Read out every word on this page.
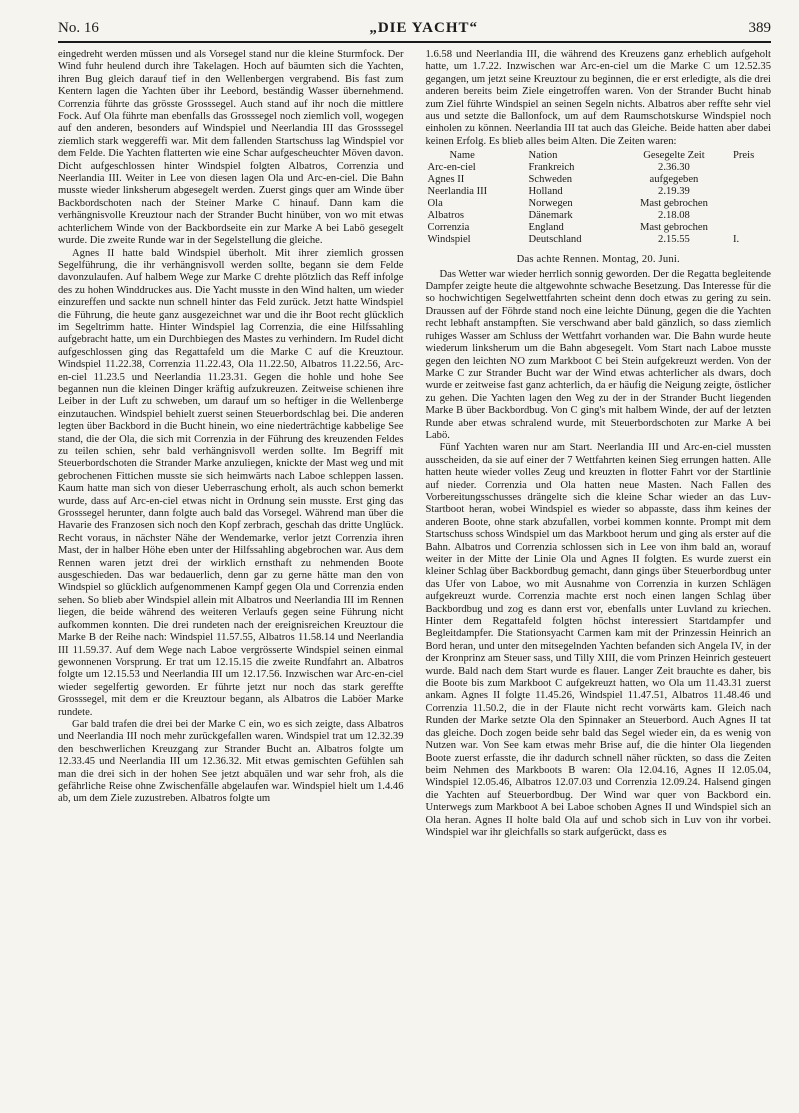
No. 16	„DIE YACHT“	389

eingedreht werden müssen und als Vorsegel stand nur die kleine Sturmfock. Der Wind fuhr heulend durch ihre Takelagen. Hoch auf bäumten sich die Yachten, ihren Bug gleich darauf tief in den Wellenbergen vergrabend. Bis fast zum Kentern lagen die Yachten über ihr Leebord, beständig Wasser übernehmend. Correnzia führte das grösste Grosssegel. Auch stand auf ihr noch die mittlere Fock. Auf Ola führte man ebenfalls das Grosssegel noch ziemlich voll, wogegen auf den anderen, besonders auf Windspiel und Neerlandia III das Grosssegel ziemlich stark weggereffi war. Mit dem fallenden Startschuss lag Windspiel vor dem Felde. Die Yachten flatterten wie eine Schar aufgescheuchter Möven davon. Dicht aufgeschlossen hinter Windspiel folgten Albatros, Correnzia und Neerlandia III. Weiter in Lee von diesen lagen Ola und Arc-en-ciel. Die Bahn musste wieder linksherum abgesegelt werden. Zuerst gings quer am Winde über Backbordschoten nach der Steiner Marke C hinauf. Dann kam die verhängnisvolle Kreuztour nach der Strander Bucht hinüber, von wo mit etwas achterlichem Winde von der Backbordseite ein zur Marke A bei Labö gesegelt wurde. Die zweite Runde war in der Segelstellung die gleiche.

Agnes II hatte bald Windspiel überholt. Mit ihrer ziemlich grossen Segelführung, die ihr verhängnisvoll werden sollte, begann sie dem Felde davonzulaufen. Auf halbem Wege zur Marke C drehte plötzlich das Reff infolge des zu hohen Winddruckes aus. Die Yacht musste in den Wind halten, um wieder einzureffen und sackte nun schnell hinter das Feld zurück. Jetzt hatte Windspiel die Führung, die heute ganz ausgezeichnet war und die ihr Boot recht glücklich im Segeltrimm hatte. Hinter Windspiel lag Correnzia, die eine Hilfssahling aufgebracht hatte, um ein Durchbiegen des Mastes zu verhindern. Im Rudel dicht aufgeschlossen ging das Regattafeld um die Marke C auf die Kreuztour. Windspiel 11.22.38, Correnzia 11.22.43, Ola 11.22.50, Albatros 11.22.56, Arc-en-ciel 11.23.5 und Neerlandia 11.23.31. Gegen die hohle und hohe See begannen nun die kleinen Dinger kräftig aufzukreuzen. Zeitweise schienen ihre Leiber in der Luft zu schweben, um darauf um so heftiger in die Wellenberge einzutauchen. Windspiel behielt zuerst seinen Steuerbordschlag bei. Die anderen legten über Backbord in die Bucht hinein, wo eine niederträchtige kabbelige See stand, die der Ola, die sich mit Correnzia in der Führung des kreuzenden Feldes zu teilen schien, sehr bald verhängnisvoll werden sollte. Im Begriff mit Steuerbordschoten die Strander Marke anzuliegen, knickte der Mast weg und mit gebrochenen Fittichen musste sie sich heimwärts nach Laboe schleppen lassen. Kaum hatte man sich von dieser Ueberraschung erholt, als auch schon bemerkt wurde, dass auf Arc-en-ciel etwas nicht in Ordnung sein musste. Erst ging das Grosssegel herunter, dann folgte auch bald das Vorsegel. Während man über die Havarie des Franzosen sich noch den Kopf zerbrach, geschah das dritte Unglück. Recht voraus, in nächster Nähe der Wendemarke, verlor jetzt Correnzia ihren Mast, der in halber Höhe eben unter der Hilfssahling abgebrochen war. Aus dem Rennen waren jetzt drei der wirklich ernsthaft zu nehmenden Boote ausgeschieden. Das war bedauerlich, denn gar zu gerne hätte man den von Windspiel so glücklich aufgenommenen Kampf gegen Ola und Correnzia enden sehen. So blieb aber Windspiel allein mit Albatros und Neerlandia III im Rennen liegen, die beide während des weiteren Verlaufs gegen seine Führung nicht aufkommen konnten. Die drei rundeten nach der ereignisreichen Kreuztour die Marke B der Reihe nach: Windspiel 11.57.55, Albatros 11.58.14 und Neerlandia III 11.59.37. Auf dem Wege nach Laboe vergrösserte Windspiel seinen einmal gewonnenen Vorsprung. Er trat um 12.15.15 die zweite Rundfahrt an. Albatros folgte um 12.15.53 und Neerlandia III um 12.17.56. Inzwischen war Arc-en-ciel wieder segelfertig geworden. Er führte jetzt nur noch das stark gereffte Grosssegel, mit dem er die Kreuztour begann, als Albatros die Laböer Marke rundete.

Gar bald trafen die drei bei der Marke C ein, wo es sich zeigte, dass Albatros und Neerlandia III noch mehr zurückgefallen waren. Windspiel trat um 12.32.39 den beschwerlichen Kreuzgang zur Strander Bucht an. Albatros folgte um 12.33.45 und Neerlandia III um 12.36.32. Mit etwas gemischten Gefühlen sah man die drei sich in der hohen See jetzt abquälen und war sehr froh, als die gefährliche Reise ohne Zwischenfälle abgelaufen war. Windspiel hielt um 1.4.46 ab, um dem Ziele zuzustreben. Albatros folgte um

1.6.58 und Neerlandia III, die während des Kreuzens ganz erheblich aufgeholt hatte, um 1.7.22. Inzwischen war Arc-en-ciel um die Marke C um 12.52.35 gegangen, um jetzt seine Kreuztour zu beginnen, die er erst erledigte, als die drei anderen bereits beim Ziele eingetroffen waren. Von der Strander Bucht hinab zum Ziel führte Windspiel an seinen Segeln nichts. Albatros aber reffte sehr viel aus und setzte die Ballonfock, um auf dem Raumschotskurse Windspiel noch einholen zu können. Neerlandia III tat auch das Gleiche. Beide hatten aber dabei keinen Erfolg. Es blieb alles beim Alten. Die Zeiten waren:

Name	Nation	Gesegelte Zeit	Preis
Arc-en-ciel	Frankreich	2.36.30	
Agnes II	Schweden	aufgegeben	
Neerlandia III	Holland	2.19.39	
Ola	Norwegen	Mast gebrochen	
Albatros	Dänemark	2.18.08	
Correnzia	England	Mast gebrochen	
Windspiel	Deutschland	2.15.55	I.
Das achte Rennen. Montag, 20. Juni.

Das Wetter war wieder herrlich sonnig geworden. Der die Regatta begleitende Dampfer zeigte heute die altgewohnte schwache Besetzung. Das Interesse für die so hochwichtigen Segelwettfahrten scheint denn doch etwas zu gering zu sein. Draussen auf der Föhrde stand noch eine leichte Dünung, gegen die die Yachten recht lebhaft anstampften. Sie verschwand aber bald gänzlich, so dass ziemlich ruhiges Wasser am Schluss der Wettfahrt vorhanden war. Die Bahn wurde heute wiederum linksherum um die Bahn abgesegelt. Vom Start nach Laboe musste gegen den leichten NO zum Markboot C bei Stein aufgekreuzt werden. Von der Marke C zur Strander Bucht war der Wind etwas achterlicher als dwars, doch wurde er zeitweise fast ganz achterlich, da er häufig die Neigung zeigte, östlicher zu gehen. Die Yachten lagen den Weg zu der in der Strander Bucht liegenden Marke B über Backbordbug. Von C ging's mit halbem Winde, der auf der letzten Runde aber etwas schralend wurde, mit Steuerbordschoten zur Marke A bei Labö.

Fünf Yachten waren nur am Start. Neerlandia III und Arc-en-ciel mussten ausscheiden, da sie auf einer der 7 Wettfahrten keinen Sieg errungen hatten. Alle hatten heute wieder volles Zeug und kreuzten in flotter Fahrt vor der Startlinie auf nieder. Correnzia und Ola hatten neue Masten. Nach Fallen des Vorbereitungsschusses drängelte sich die kleine Schar wieder an das Luv-Startboot heran, wobei Windspiel es wieder so abpasste, dass ihm keines der anderen Boote, ohne stark abzufallen, vorbei kommen konnte. Prompt mit dem Startschuss schoss Windspiel um das Markboot herum und ging als erster auf die Bahn. Albatros und Correnzia schlossen sich in Lee von ihm bald an, worauf weiter in der Mitte der Linie Ola und Agnes II folgten. Es wurde zuerst ein kleiner Schlag über Backbordbug gemacht, dann gings über Steuerbordbug unter das Ufer von Laboe, wo mit Ausnahme von Correnzia in kurzen Schlägen aufgekreuzt wurde. Correnzia machte erst noch einen langen Schlag über Backbordbug und zog es dann erst vor, ebenfalls unter Luvland zu kriechen. Hinter dem Regattafeld folgten höchst interessiert Startdampfer und Begleitdampfer. Die Stationsyacht Carmen kam mit der Prinzessin Heinrich an Bord heran, und unter den mitsegelnden Yachten befanden sich Angela IV, in der der Kronprinz am Steuer sass, und Tilly XIII, die vom Prinzen Heinrich gesteuert wurde. Bald nach dem Start wurde es flauer. Langer Zeit brauchte es daher, bis die Boote bis zum Markboot C aufgekreuzt hatten, wo Ola um 11.43.31 zuerst ankam. Agnes II folgte 11.45.26, Windspiel 11.47.51, Albatros 11.48.46 und Correnzia 11.50.2, die in der Flaute nicht recht vorwärts kam. Gleich nach Runden der Marke setzte Ola den Spinnaker an Steuerbord. Auch Agnes II tat das gleiche. Doch zogen beide sehr bald das Segel wieder ein, da es wenig von Nutzen war. Von See kam etwas mehr Brise auf, die die hinter Ola liegenden Boote zuerst erfasste, die ihr dadurch schnell näher rückten, so dass die Zeiten beim Nehmen des Markboots B waren: Ola 12.04.16, Agnes II 12.05.04, Windspiel 12.05.46, Albatros 12.07.03 und Correnzia 12.09.24. Halsend gingen die Yachten auf Steuerbordbug. Der Wind war quer von Backbord ein. Unterwegs zum Markboot A bei Laboe schoben Agnes II und Windspiel sich an Ola heran. Agnes II holte bald Ola auf und schob sich in Luv von ihr vorbei. Windspiel war ihr gleichfalls so stark aufgerückt, dass es
